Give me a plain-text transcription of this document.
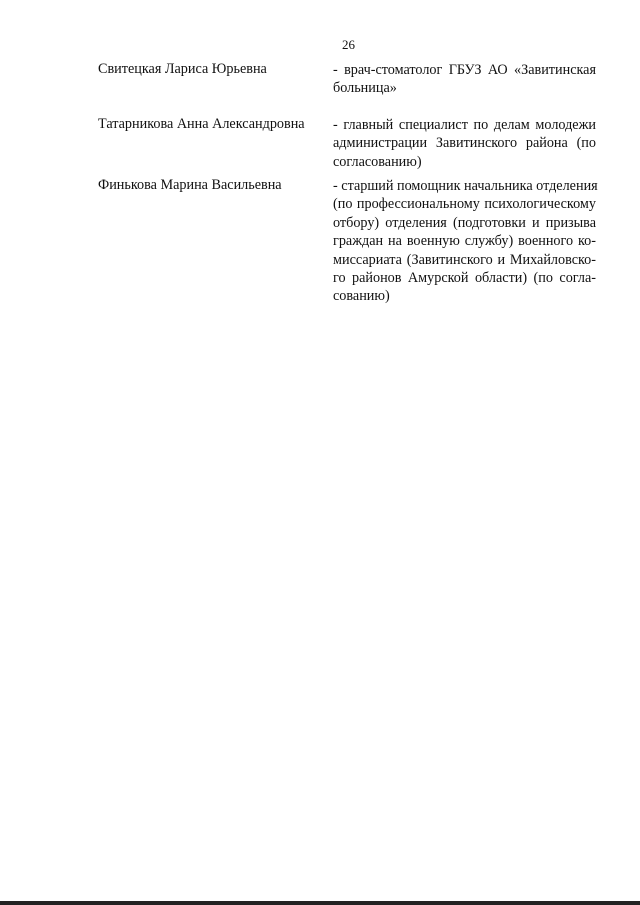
26
Свитецкая Лариса Юрьевна	- врач-стоматолог ГБУЗ АО «Завитинская
больница»
Татарникова Анна Александровна - главный специалист по делам молодежи
администрации Завитинского района (по
согласованию)
Финькова Марина Васильевна	- старший помощник начальника отделения
(по профессиональному психологическому
отбору) отделения (подготовки и призыва
граждан на военную службу) военного ко-
миссариата (Завитинского и Михайловско-
го районов Амурской области) (по согла-
сованию)
